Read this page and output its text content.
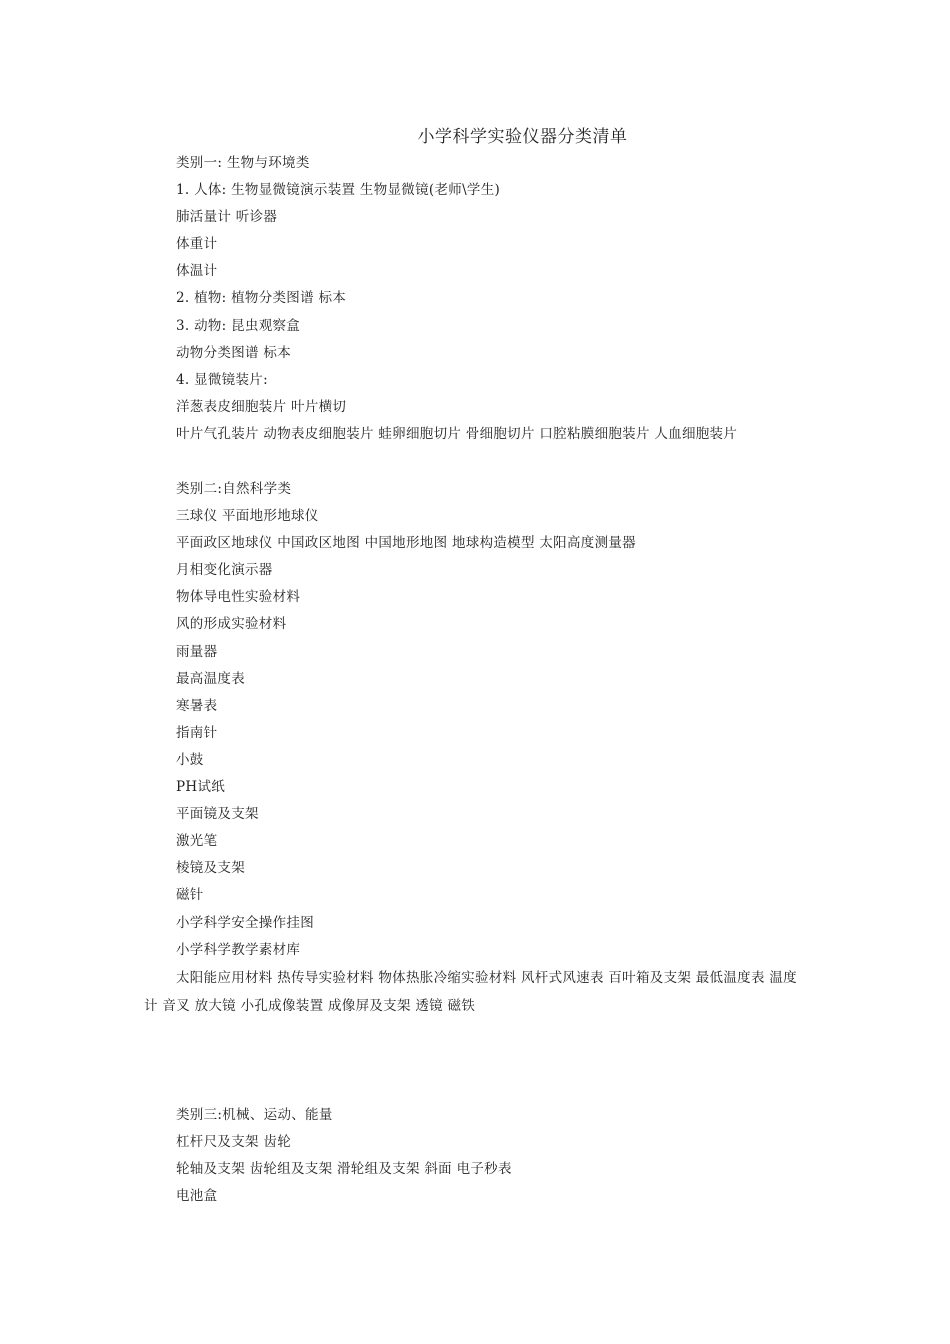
小学科学实验仪器分类清单
类别一: 生物与环境类
1. 人体: 生物显微镜演示装置 生物显微镜(老师\学生)
肺活量计 听诊器
体重计
体温计
2. 植物: 植物分类图谱 标本
3. 动物: 昆虫观察盒
动物分类图谱 标本
4. 显微镜装片:
洋葱表皮细胞装片 叶片横切
叶片气孔装片 动物表皮细胞装片 蛙卵细胞切片 骨细胞切片 口腔粘膜细胞装片 人血细胞装片
类别二:自然科学类
三球仪 平面地形地球仪
平面政区地球仪 中国政区地图 中国地形地图 地球构造模型 太阳高度测量器
月相变化演示器
物体导电性实验材料
风的形成实验材料
雨量器
最高温度表
寒暑表
指南针
小鼓
PH试纸
平面镜及支架
激光笔
棱镜及支架
磁针
小学科学安全操作挂图
小学科学教学素材库
太阳能应用材料 热传导实验材料 物体热胀冷缩实验材料 风杆式风速表 百叶箱及支架 最低温度表 温度计 音叉 放大镜 小孔成像装置 成像屏及支架 透镜 磁铁
类别三:机械、运动、能量
杠杆尺及支架 齿轮
轮轴及支架 齿轮组及支架 滑轮组及支架 斜面 电子秒表
电池盒
